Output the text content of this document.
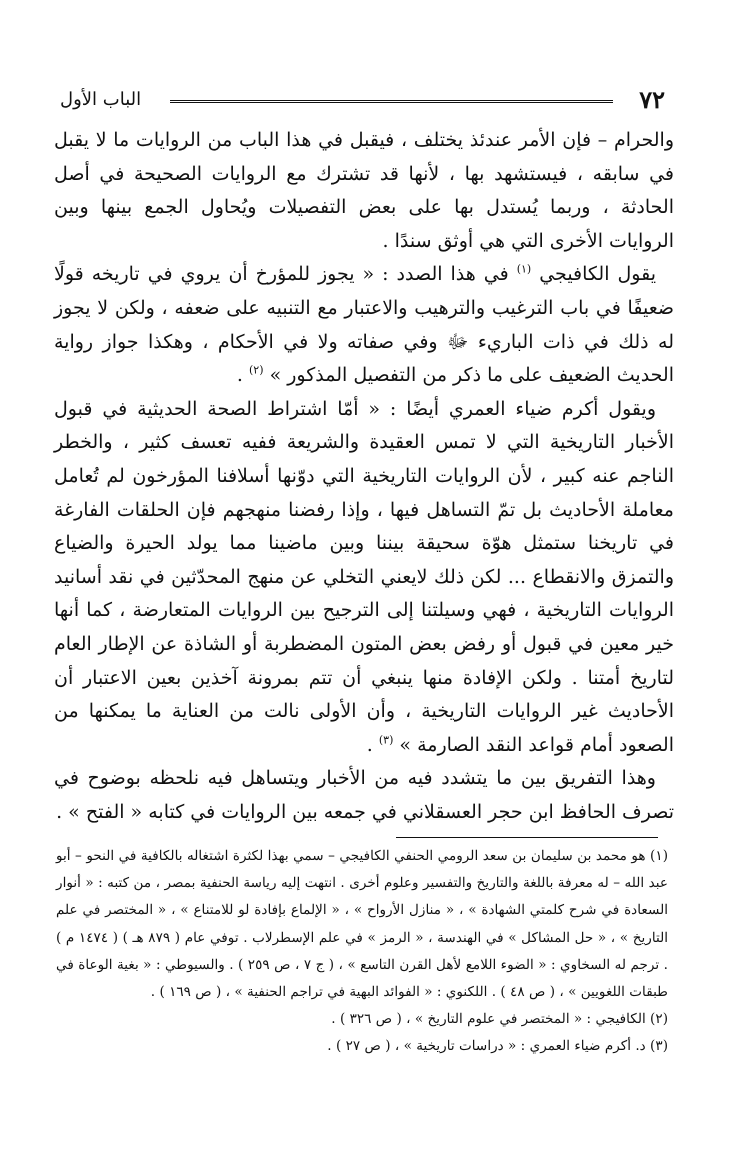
٧٢
الباب الأول

والحرام – فإن الأمر عندئذ يختلف ، فيقبل في هذا الباب من الروايات ما لا يقبل في سابقه ، فيستشهد بها ، لأنها قد تشترك مع الروايات الصحيحة في أصل الحادثة ، وربما يُستدل بها على بعض التفصيلات ويُحاول الجمع بينها وبين الروايات الأخرى التي هي أوثق سندًا .

يقول الكافيجي $^{(١)}$ في هذا الصدد : « يجوز للمؤرخ أن يروي في تاريخه قولًا ضعيفًا في باب الترغيب والترهيب والاعتبار مع التنبيه على ضعفه ، ولكن لا يجوز له ذلك في ذات الباريء ﷻ وفي صفاته ولا في الأحكام ، وهكذا جواز رواية الحديث الضعيف على ما ذكر من التفصيل المذكور » $^{(٢)}$ .

ويقول أكرم ضياء العمري أيضًا : « أمّا اشتراط الصحة الحديثية في قبول الأخبار التاريخية التي لا تمس العقيدة والشريعة ففيه تعسف كثير ، والخطر الناجم عنه كبير ، لأن الروايات التاريخية التي دوّنها أسلافنا المؤرخون لم تُعامل معاملة الأحاديث بل تمّ التساهل فيها ، وإذا رفضنا منهجهم فإن الحلقات الفارغة في تاريخنا ستمثل هوّة سحيقة بيننا وبين ماضينا مما يولد الحيرة والضياع والتمزق والانقطاع ... لكن ذلك لايعني التخلي عن منهج المحدّثين في نقد أسانيد الروايات التاريخية ، فهي وسيلتنا إلى الترجيح بين الروايات المتعارضة ، كما أنها خير معين في قبول أو رفض بعض المتون المضطربة أو الشاذة عن الإطار العام لتاريخ أمتنا . ولكن الإفادة منها ينبغي أن تتم بمرونة آخذين بعين الاعتبار أن الأحاديث غير الروايات التاريخية ، وأن الأولى نالت من العناية ما يمكنها من الصعود أمام قواعد النقد الصارمة » $^{(٣)}$ .

وهذا التفريق بين ما يتشدد فيه من الأخبار ويتساهل فيه نلحظه بوضوح في تصرف الحافظ ابن حجر العسقلاني في جمعه بين الروايات في كتابه « الفتح » .

(١) هو محمد بن سليمان بن سعد الرومي الحنفي الكافيجي – سمي بهذا لكثرة اشتغاله بالكافية في النحو – أبو عبد الله – له معرفة باللغة والتاريخ والتفسير وعلوم أخرى . انتهت إليه رياسة الحنفية بمصر ، من كتبه : « أنوار السعادة في شرح كلمتي الشهادة » ، « منازل الأرواح » ، « الإلماع بإفادة لو للامتناع » ، « المختصر في علم التاريخ » ، « حل المشاكل » في الهندسة ، « الرمز » في علم الإسطرلاب . توفي عام ( ٨٧٩ هـ ) ( ١٤٧٤ م ) . ترجم له السخاوي : « الضوء اللامع لأهل القرن التاسع » ، ( ج ٧ ، ص ٢٥٩ ) . والسيوطي : « بغية الوعاة في طبقات اللغويين » ، ( ص ٤٨ ) . اللكنوي : « الفوائد البهية في تراجم الحنفية » ، ( ص ١٦٩ ) .

(٢) الكافيجي : « المختصر في علوم التاريخ » ، ( ص ٣٢٦ ) .

(٣) د. أكرم ضياء العمري : « دراسات تاريخية » ، ( ص ٢٧ ) .
